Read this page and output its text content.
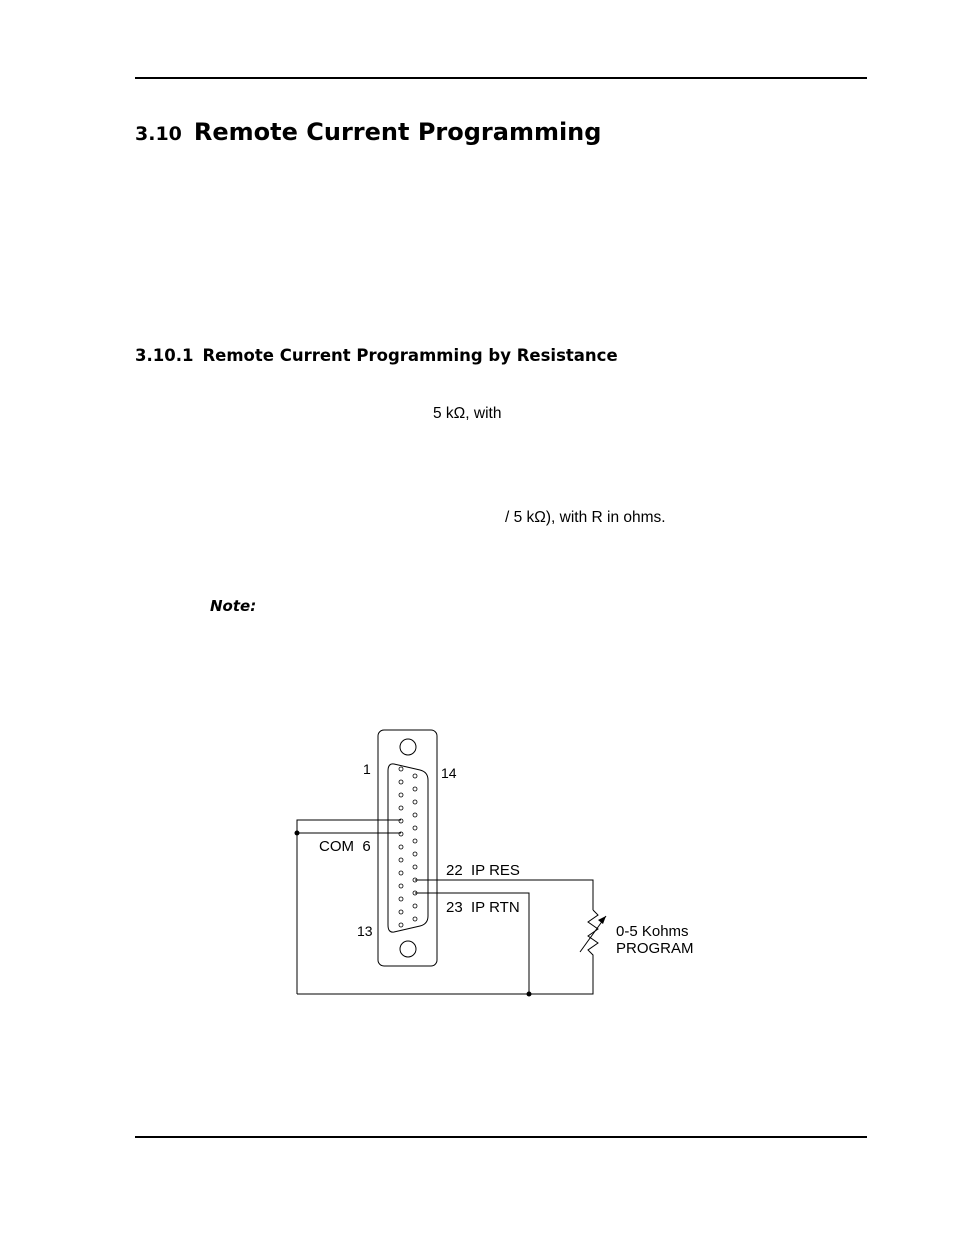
3.10 Remote Current Programming
3.10.1 Remote Current Programming by Resistance
5 kΩ, with
/ 5 kΩ), with R in ohms.
Note:
1	14
13
COM  6
22  IP RES
23  IP RTN
0-5 Kohms
PROGRAM
